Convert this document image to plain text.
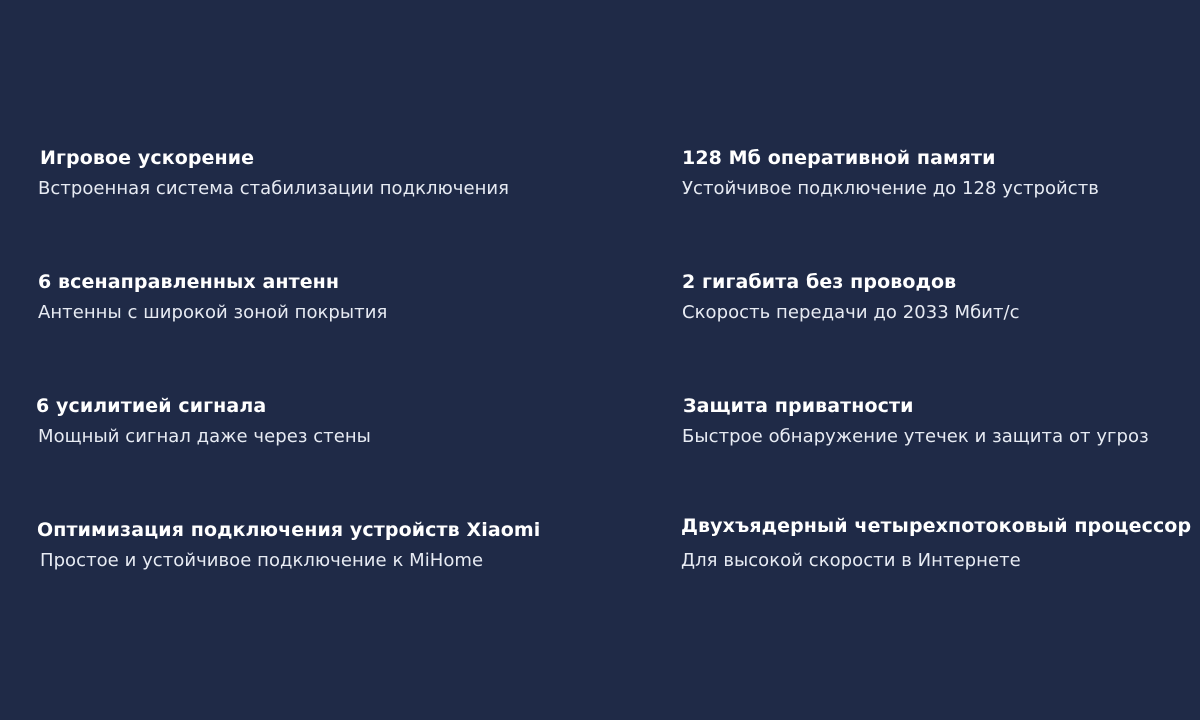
Игровое ускорение
Встроенная система стабилизации подключения
6 всенаправленных антенн
Антенны с широкой зоной покрытия
6 усилитией сигнала
Мощный сигнал даже через стены
Оптимизация подключения устройств Xiaomi
Простое и устойчивое подключение к MiHome
128 Мб оперативной памяти
Устойчивое подключение до 128 устройств
2 гигабита без проводов
Скорость передачи до 2033 Мбит/с
Защита приватности
Быстрое обнаружение утечек и защита от угроз
Двухъядерный четырехпотоковый процессор
Для высокой скорости в Интернете
